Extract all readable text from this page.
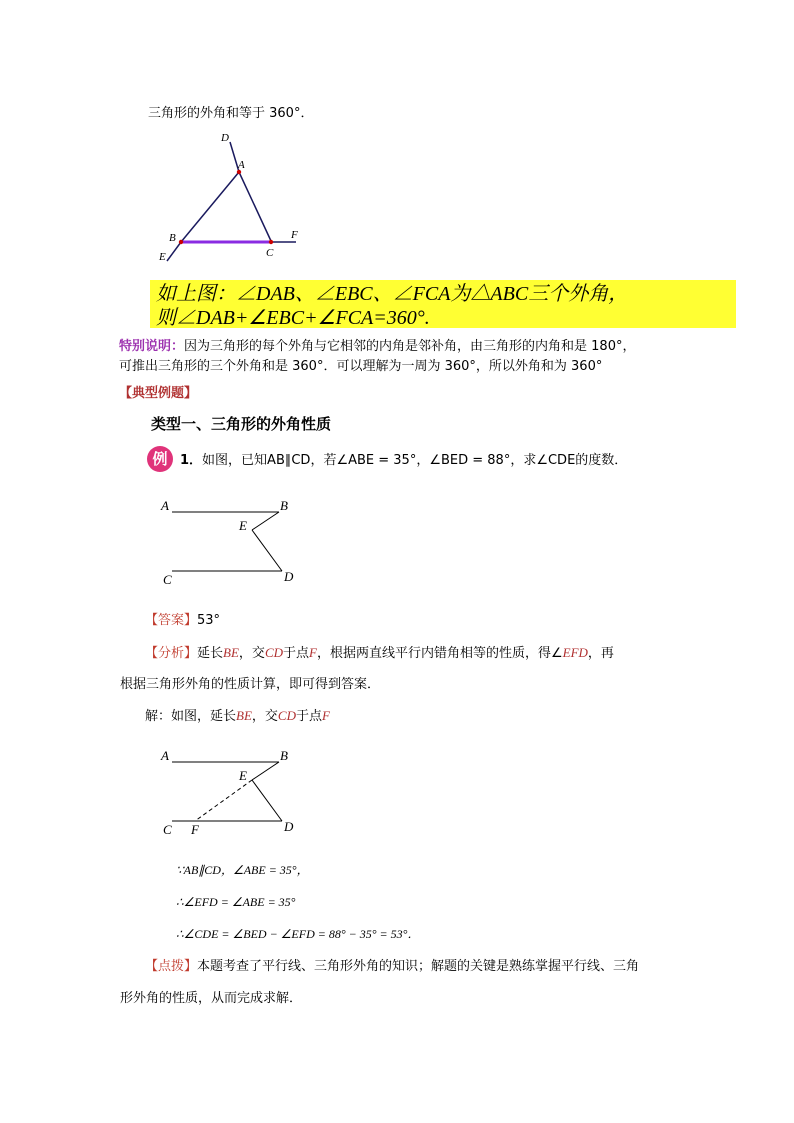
三角形的外角和等于 360°．
D
A
B
C
E
F
如上图：∠DAB、∠EBC、∠FCA为△ABC三个外角，
则∠DAB+∠EBC+∠FCA=360°.
特别说明：因为三角形的每个外角与它相邻的内角是邻补角，由三角形的内角和是 180°，
可推出三角形的三个外角和是 360°．可以理解为一周为 360°，所以外角和为 360°
【典型例题】
类型一、三角形的外角性质
例 1．如图，已知AB∥CD，若∠ABE = 35°，∠BED = 88°，求∠CDE的度数．
A	B
E
C	D
【答案】53°
【分析】延长BE，交CD于点F，根据两直线平行内错角相等的性质，得∠EFD，再
根据三角形外角的性质计算，即可得到答案．
解：如图，延长BE，交CD于点F
A	B
E
C F	D
∵AB∥CD，∠ABE = 35°，
∴∠EFD = ∠ABE = 35°
∴∠CDE = ∠BED − ∠EFD = 88° − 35° = 53°．
【点拨】本题考查了平行线、三角形外角的知识；解题的关键是熟练掌握平行线、三角
形外角的性质，从而完成求解．
